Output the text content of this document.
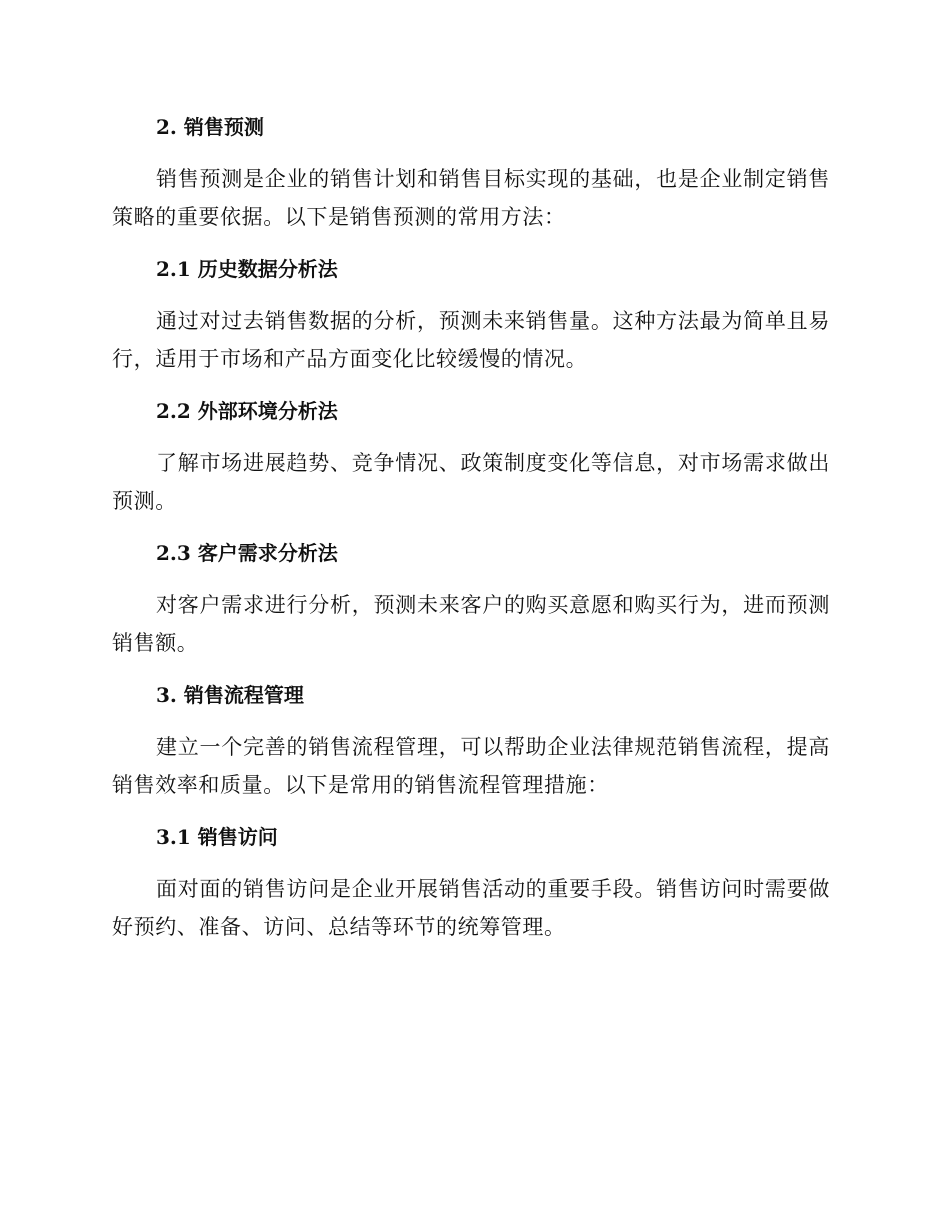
2. 销售预测

销售预测是企业的销售计划和销售目标实现的基础，也是企业制定销售策略的重要依据。以下是销售预测的常用方法：

2.1 历史数据分析法

通过对过去销售数据的分析，预测未来销售量。这种方法最为简单且易行，适用于市场和产品方面变化比较缓慢的情况。

2.2 外部环境分析法

了解市场进展趋势、竞争情况、政策制度变化等信息，对市场需求做出预测。

2.3 客户需求分析法

对客户需求进行分析，预测未来客户的购买意愿和购买行为，进而预测销售额。

3. 销售流程管理

建立一个完善的销售流程管理，可以帮助企业法律规范销售流程，提高销售效率和质量。以下是常用的销售流程管理措施：

3.1 销售访问

面对面的销售访问是企业开展销售活动的重要手段。销售访问时需要做好预约、准备、访问、总结等环节的统筹管理。
